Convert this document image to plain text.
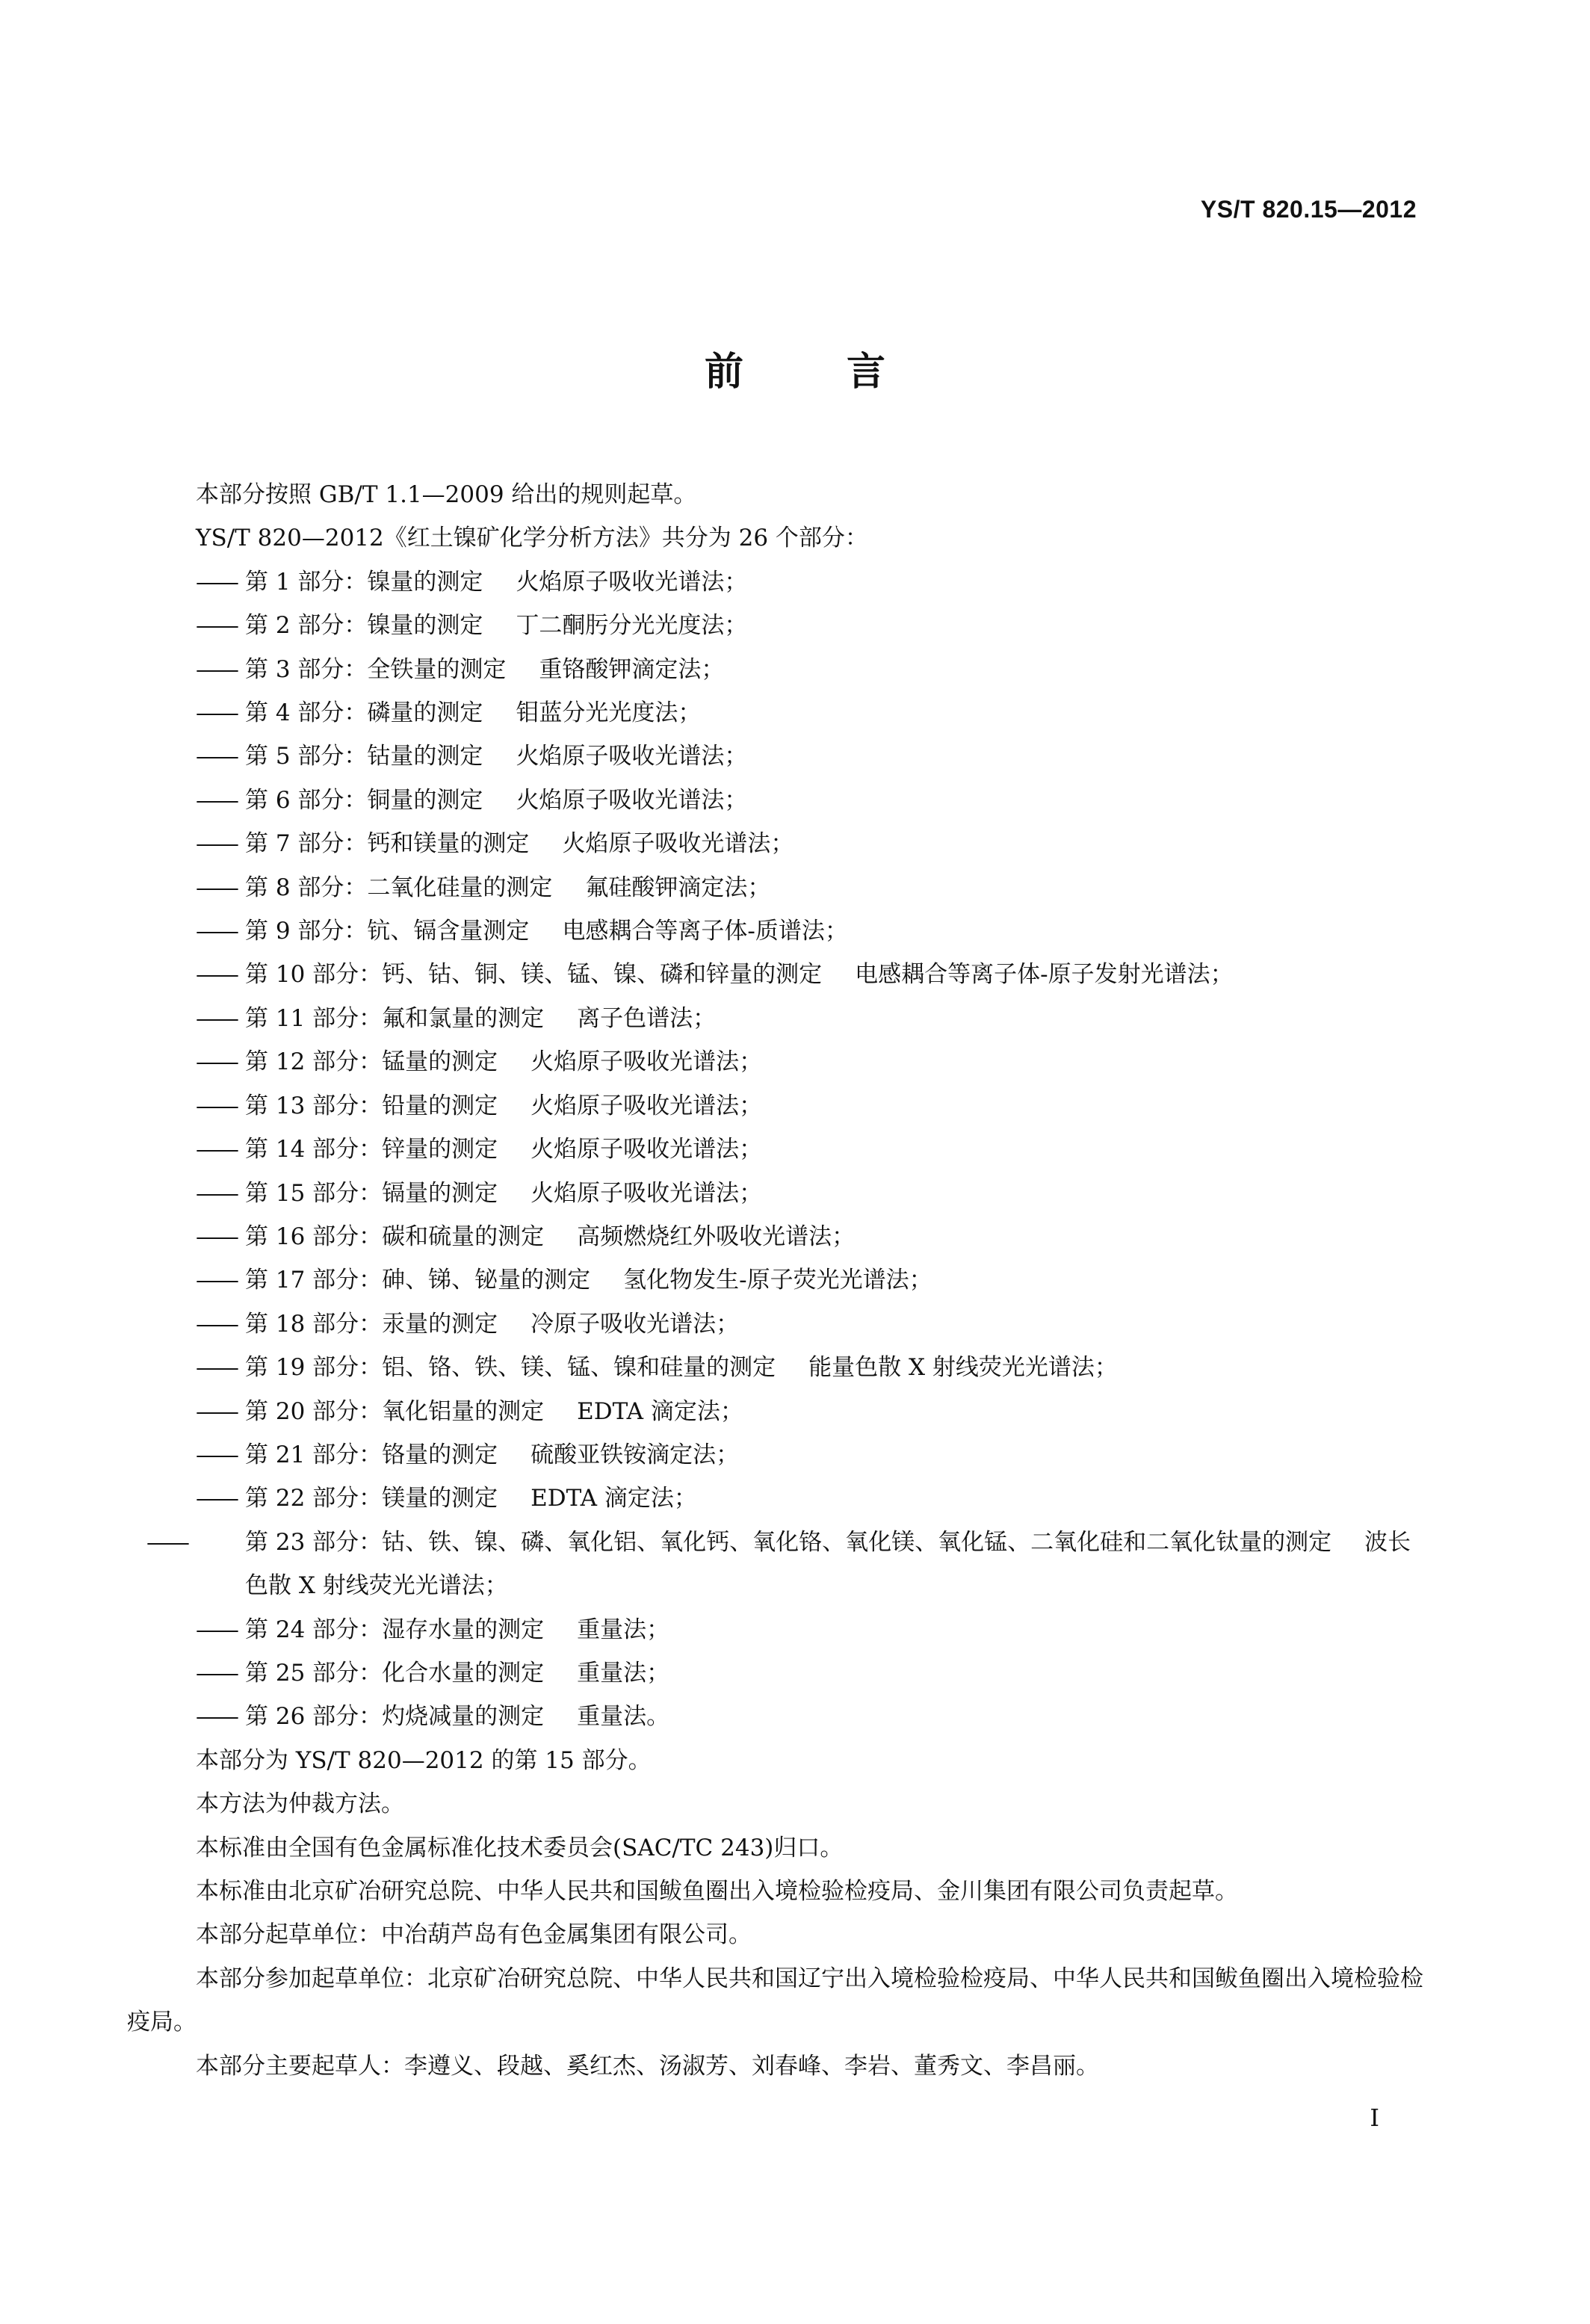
YS/T 820.15—2012
前 言

本部分按照 GB/T 1.1—2009 给出的规则起草。

YS/T 820—2012《红土镍矿化学分析方法》共分为 26 个部分：

—— 第 1 部分：镍量的测定 火焰原子吸收光谱法；

—— 第 2 部分：镍量的测定 丁二酮肟分光光度法；

—— 第 3 部分：全铁量的测定 重铬酸钾滴定法；

—— 第 4 部分：磷量的测定 钼蓝分光光度法；

—— 第 5 部分：钴量的测定 火焰原子吸收光谱法；

—— 第 6 部分：铜量的测定 火焰原子吸收光谱法；

—— 第 7 部分：钙和镁量的测定 火焰原子吸收光谱法；

—— 第 8 部分：二氧化硅量的测定 氟硅酸钾滴定法；

—— 第 9 部分：钪、镉含量测定 电感耦合等离子体-质谱法；

—— 第 10 部分：钙、钴、铜、镁、锰、镍、磷和锌量的测定 电感耦合等离子体-原子发射光谱法；

—— 第 11 部分：氟和氯量的测定 离子色谱法；

—— 第 12 部分：锰量的测定 火焰原子吸收光谱法；

—— 第 13 部分：铅量的测定 火焰原子吸收光谱法；

—— 第 14 部分：锌量的测定 火焰原子吸收光谱法；

—— 第 15 部分：镉量的测定 火焰原子吸收光谱法；

—— 第 16 部分：碳和硫量的测定 高频燃烧红外吸收光谱法；

—— 第 17 部分：砷、锑、铋量的测定 氢化物发生-原子荧光光谱法；

—— 第 18 部分：汞量的测定 冷原子吸收光谱法；

—— 第 19 部分：铝、铬、铁、镁、锰、镍和硅量的测定 能量色散 X 射线荧光光谱法；

—— 第 20 部分：氧化铝量的测定 EDTA 滴定法；

—— 第 21 部分：铬量的测定 硫酸亚铁铵滴定法；

—— 第 22 部分：镁量的测定 EDTA 滴定法；

——	第 23 部分：钴、铁、镍、磷、氧化铝、氧化钙、氧化铬、氧化镁、氧化锰、二氧化硅和二氧化钛量的测定 波长色散 X 射线荧光光谱法；

—— 第 24 部分：湿存水量的测定 重量法；

—— 第 25 部分：化合水量的测定 重量法；

—— 第 26 部分：灼烧减量的测定 重量法。

本部分为 YS/T 820—2012 的第 15 部分。

本方法为仲裁方法。

本标准由全国有色金属标准化技术委员会(SAC/TC 243)归口。

本标准由北京矿冶研究总院、中华人民共和国鲅鱼圈出入境检验检疫局、金川集团有限公司负责起草。

本部分起草单位：中冶葫芦岛有色金属集团有限公司。

本部分参加起草单位：北京矿冶研究总院、中华人民共和国辽宁出入境检验检疫局、中华人民共和国鲅鱼圈出入境检验检疫局。

本部分主要起草人：李遵义、段越、奚红杰、汤淑芳、刘春峰、李岩、董秀文、李昌丽。

I
